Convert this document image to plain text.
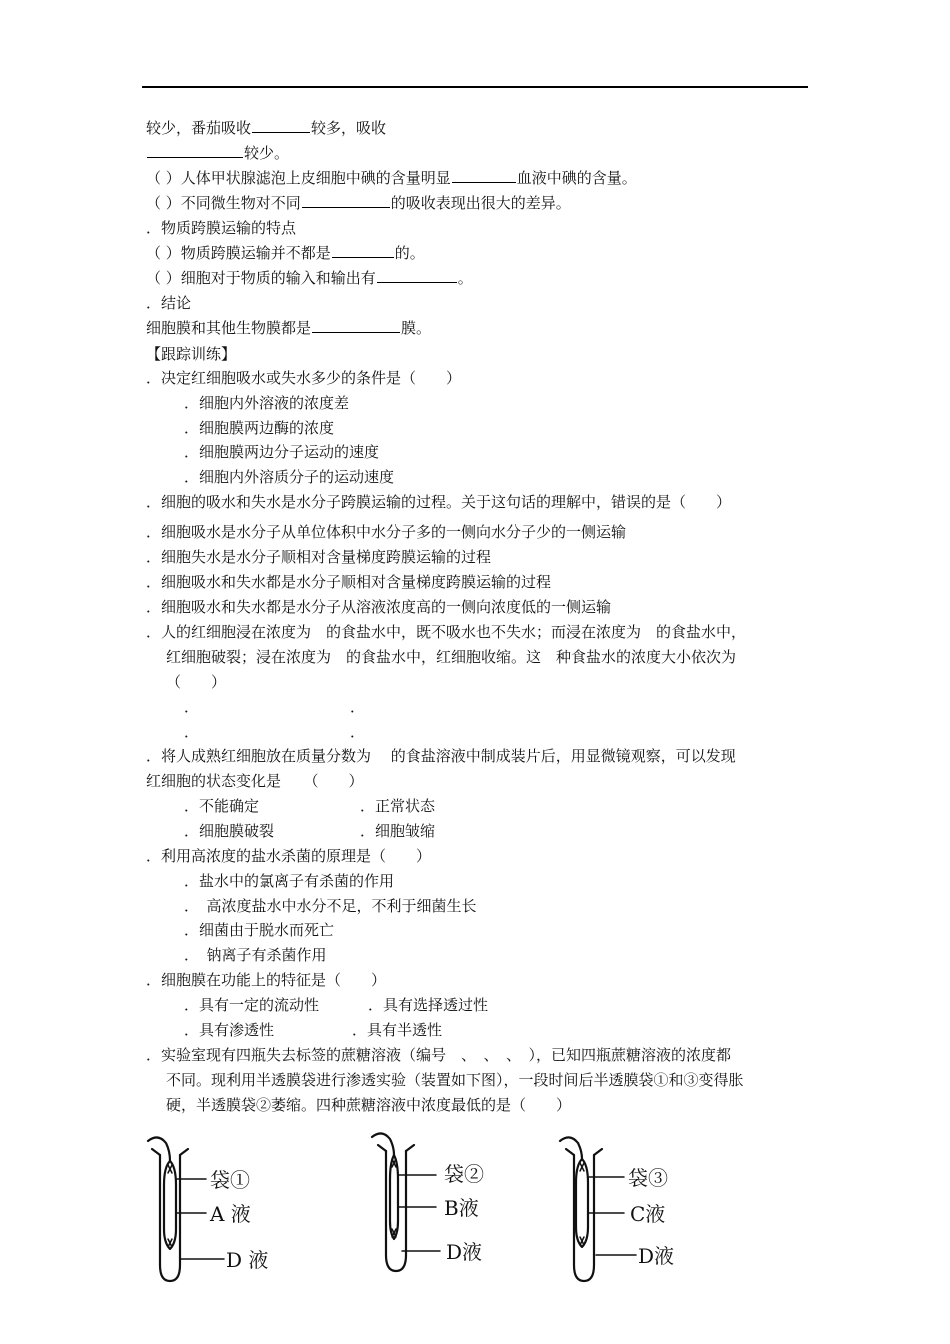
较少，番茄吸收	较多，吸收
较少。
（ ）人体甲状腺滤泡上皮细胞中碘的含量明显	血液中碘的含量。
（ ）不同微生物对不同	的吸收表现出很大的差异。
．物质跨膜运输的特点
（ ）物质跨膜运输并不都是	的。
（ ）细胞对于物质的输入和输出有	。
．结论
细胞膜和其他生物膜都是	膜。
【跟踪训练】
．决定红细胞吸水或失水多少的条件是（　　）
．细胞内外溶液的浓度差
．细胞膜两边酶的浓度
．细胞膜两边分子运动的速度
．细胞内外溶质分子的运动速度
．细胞的吸水和失水是水分子跨膜运输的过程。关于这句话的理解中，错误的是（　　）
．细胞吸水是水分子从单位体积中水分子多的一侧向水分子少的一侧运输
．细胞失水是水分子顺相对含量梯度跨膜运输的过程
．细胞吸水和失水都是水分子顺相对含量梯度跨膜运输的过程
．细胞吸水和失水都是水分子从溶液浓度高的一侧向浓度低的一侧运输
．人的红细胞浸在浓度为　的食盐水中，既不吸水也不失水；而浸在浓度为　的食盐水中，
红细胞破裂；浸在浓度为　的食盐水中，红细胞收缩。这　种食盐水的浓度大小依次为
（　　）
．	．
．	．
．将人成熟红细胞放在质量分数为　 的食盐溶液中制成装片后，用显微镜观察，可以发现
红细胞的状态变化是　　（　　）
．不能确定	．正常状态
．细胞膜破裂	．细胞皱缩
．利用高浓度的盐水杀菌的原理是（　　）
．盐水中的氯离子有杀菌的作用
．　高浓度盐水中水分不足，不利于细菌生长
．细菌由于脱水而死亡
．　钠离子有杀菌作用
．细胞膜在功能上的特征是（　　）
．具有一定的流动性	．具有选择透过性
．具有渗透性	．具有半透性
．实验室现有四瓶失去标签的蔗糖溶液（编号　、　、　、　），已知四瓶蔗糖溶液的浓度都
不同。现利用半透膜袋进行渗透实验（装置如下图），一段时间后半透膜袋①和③变得胀
硬，半透膜袋②萎缩。四种蔗糖溶液中浓度最低的是（　　）
袋①
A 液
D 液
袋②
B液
D液
袋③
C液
D液
